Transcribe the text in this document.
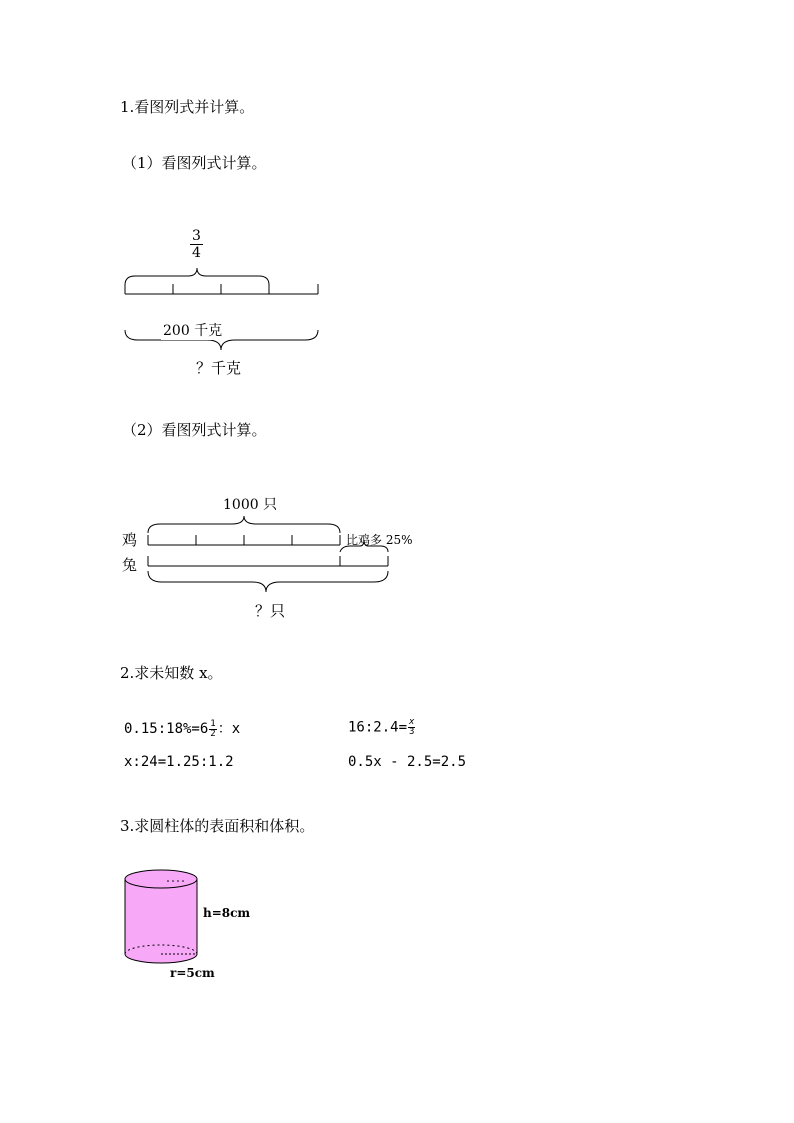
1.看图列式并计算。
（1）看图列式计算。
$\frac{3}{4}$
200 千克
？千克
（2）看图列式计算。
1000 只
鸡
兔
比鸡多 25%
？只
2.求未知数 x。
0.15:18%=6 $\frac{1}{2}$ ：x	16:2.4= $\frac{x}{3}$
x:24=1.25:1.2	0.5x - 2.5=2.5
3.求圆柱体的表面积和体积。
h=8cm
r=5cm
